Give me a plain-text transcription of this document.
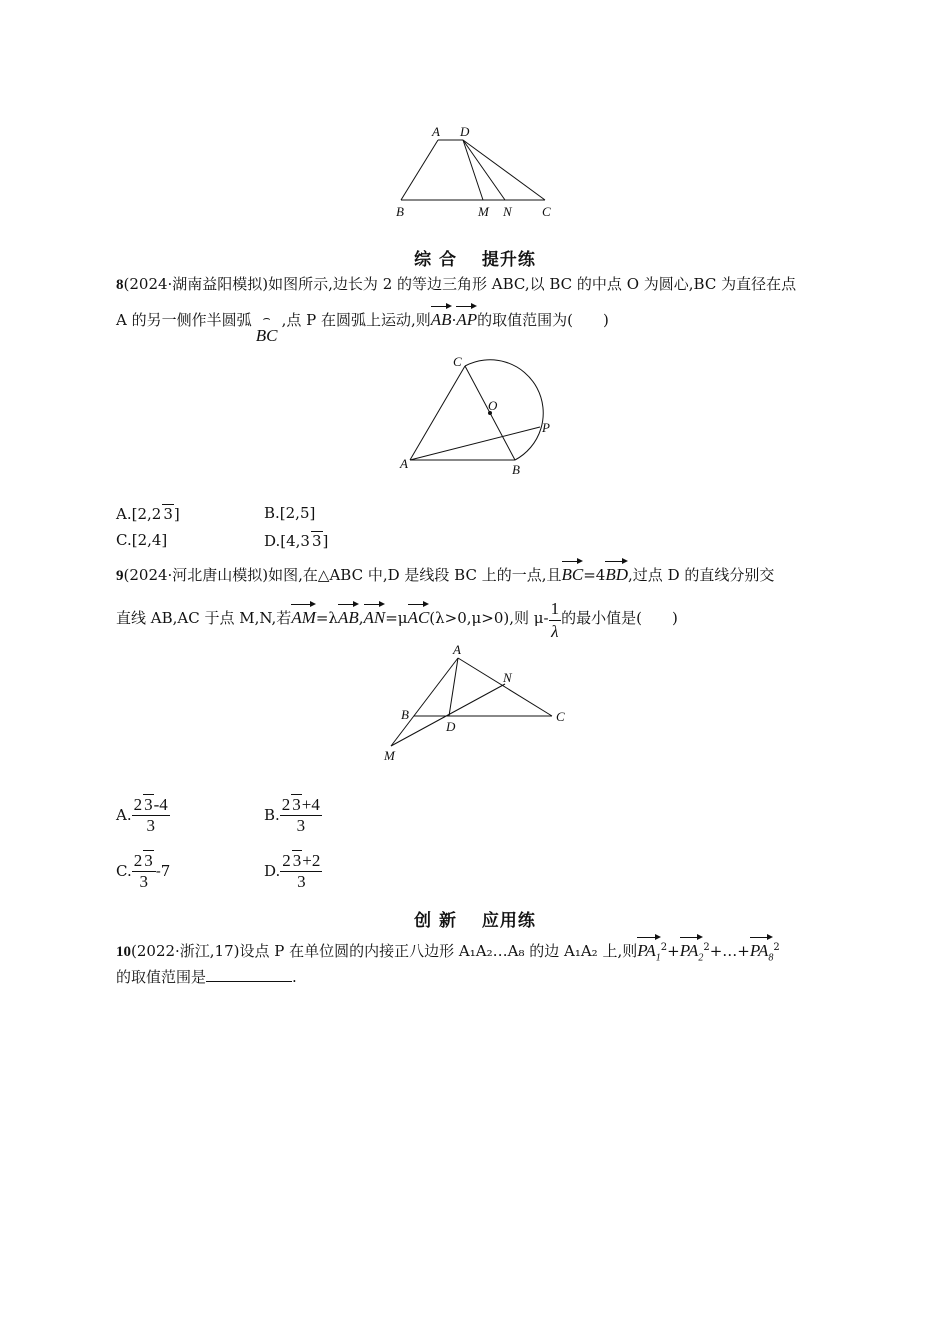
A D
B	M N C
综 合　 提升练
8(2024·湖南益阳模拟)如图所示,边长为 2 的等边三角形 ABC,以 BC 的中点 O 为圆心,BC 为直径在点
A 的另一侧作半圆弧 ⌢
BC,点 P 在圆弧上运动,则AB·AP的取值范围为(　　)
C
O
P
A	B
A.[2,2 3]	B.[2,5]
C.[2,4]	D.[4,3 3]
9(2024·河北唐山模拟)如图,在△ABC 中,D 是线段 BC 上的一点,且BC=4BD,过点 D 的直线分别交
直线 AB,AC 于点 M,N,若AM=λAB,AN=μAC(λ>0,μ>0),则 $\mu- \frac{1}{\lambda}$ 的最小值是(　　)
A
N
B
D
C
M
A. $\frac{2 3-4}{3}$	B. $\frac{2 3+4}{3}$
C. $\frac{2 3}{3} -7$	D. $\frac{2 3+2}{3}$
创 新　 应用练
10(2022·浙江,17)设点 P 在单位圆的内接正八边形 A₁A₂…A₈ 的边 A₁A₂ 上,则$PA_1^2+PA_2^2+\dots+PA_8^2$
的取值范围是	.
